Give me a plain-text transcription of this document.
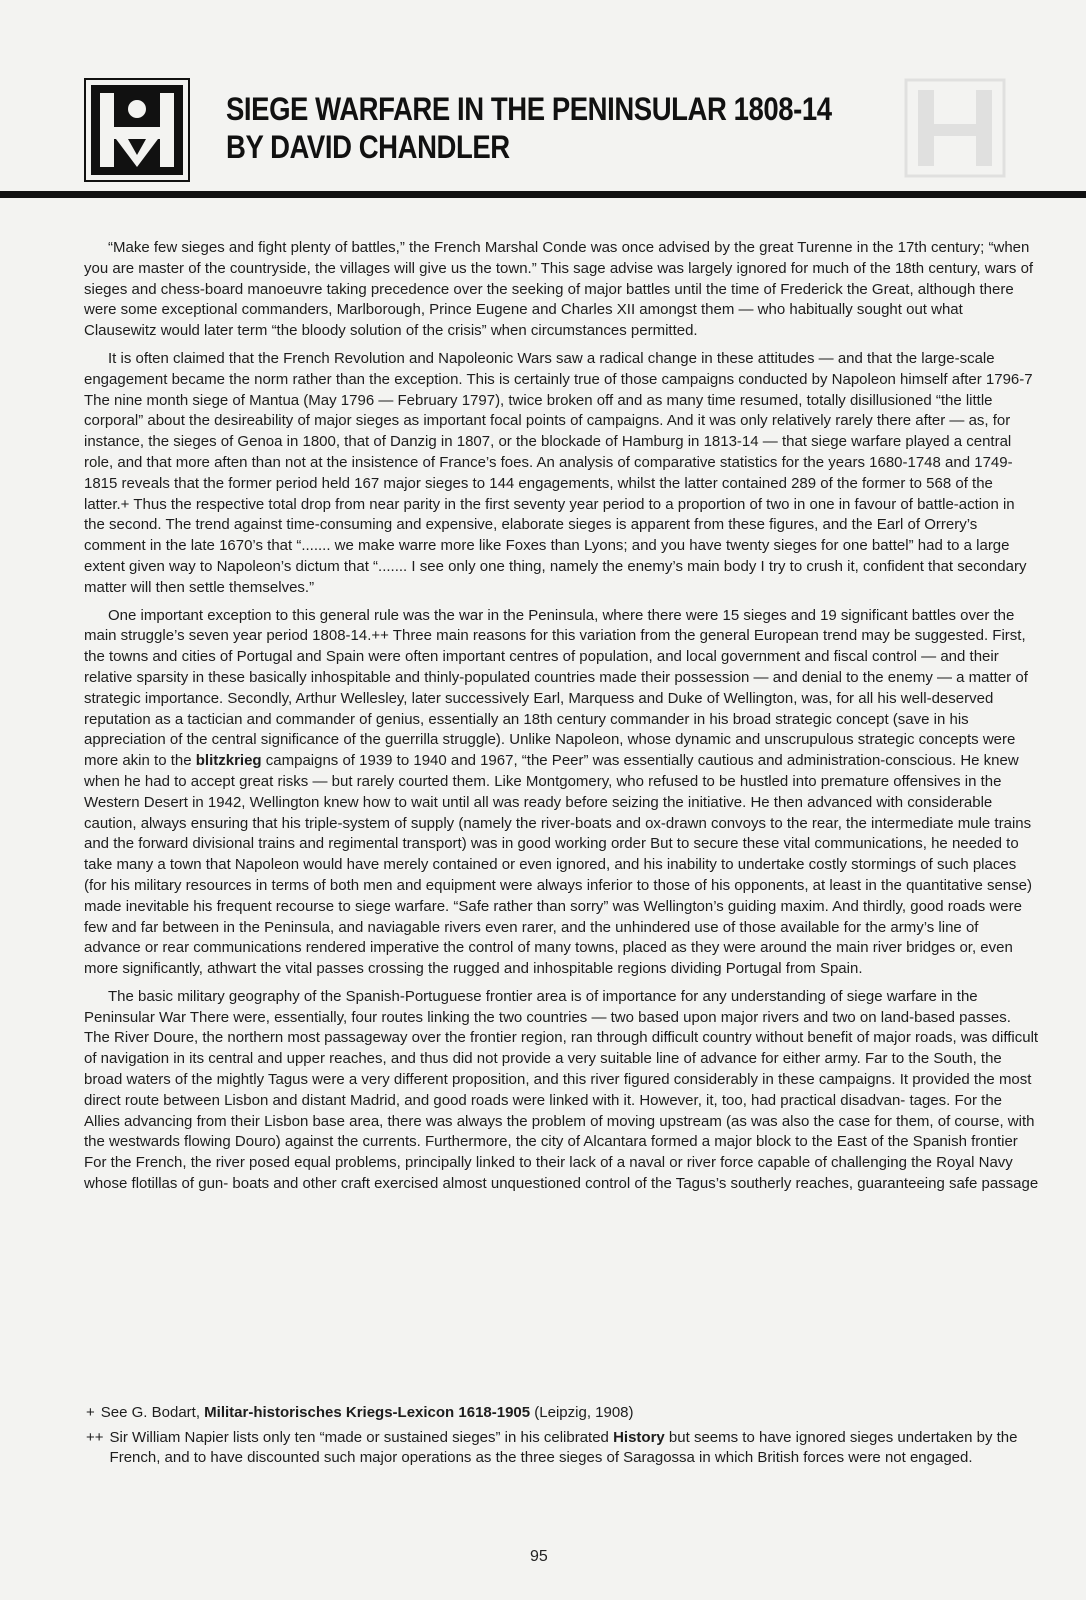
SIEGE WARFARE IN THE PENINSULAR 1808-14
BY DAVID CHANDLER

“Make few sieges and fight plenty of battles,” the French Marshal Conde was once advised by the great Turenne in the 17th century; “when you are master of the countryside, the villages will give us the town.” This sage advise was largely ignored for much of the 18th century, wars of sieges and chess-board manoeuvre taking precedence over the seeking of major battles until the time of Frederick the Great, although there were some exceptional commanders, Marlborough, Prince Eugene and Charles XII amongst them — who habitually sought out what Clausewitz would later term “the bloody solution of the crisis” when circumstances permitted.

It is often claimed that the French Revolution and Napoleonic Wars saw a radical change in these attitudes — and that the large-scale engagement became the norm rather than the exception. This is certainly true of those campaigns conducted by Napoleon himself after 1796-7 The nine month siege of Mantua (May 1796 — February 1797), twice broken off and as many time resumed, totally disillusioned “the little corporal” about the desireability of major sieges as important focal points of campaigns. And it was only relatively rarely there after — as, for instance, the sieges of Genoa in 1800, that of Danzig in 1807, or the blockade of Hamburg in 1813-14 — that siege warfare played a central role, and that more aften than not at the insistence of France’s foes. An analysis of comparative statistics for the years 1680-1748 and 1749-1815 reveals that the former period held 167 major sieges to 144 engagements, whilst the latter contained 289 of the former to 568 of the latter.+ Thus the respective total drop from near parity in the first seventy year period to a proportion of two in one in favour of battle-action in the second. The trend against time-consuming and expensive, elaborate sieges is apparent from these figures, and the Earl of Orrery’s comment in the late 1670’s that “....... we make warre more like Foxes than Lyons; and you have twenty sieges for one battel” had to a large extent given way to Napoleon’s dictum that “....... I see only one thing, namely the enemy’s main body I try to crush it, confident that secondary matter will then settle themselves.”

One important exception to this general rule was the war in the Peninsula, where there were 15 sieges and 19 significant battles over the main struggle’s seven year period 1808-14.++ Three main reasons for this variation from the general European trend may be suggested. First, the towns and cities of Portugal and Spain were often important centres of population, and local government and fiscal control — and their relative sparsity in these basically inhospitable and thinly-populated countries made their possession — and denial to the enemy — a matter of strategic importance. Secondly, Arthur Wellesley, later successively Earl, Marquess and Duke of Wellington, was, for all his well-deserved reputation as a tactician and commander of genius, essentially an 18th century commander in his broad strategic concept (save in his appreciation of the central significance of the guerrilla struggle). Unlike Napoleon, whose dynamic and unscrupulous strategic concepts were more akin to the blitzkrieg campaigns of 1939 to 1940 and 1967, “the Peer” was essentially cautious and administration-conscious. He knew when he had to accept great risks — but rarely courted them. Like Montgomery, who refused to be hustled into premature offensives in the Western Desert in 1942, Wellington knew how to wait until all was ready before seizing the initiative. He then advanced with considerable caution, always ensuring that his triple-system of supply (namely the river-boats and ox-drawn convoys to the rear, the intermediate mule trains and the forward divisional trains and regimental transport) was in good working order But to secure these vital communications, he needed to take many a town that Napoleon would have merely contained or even ignored, and his inability to undertake costly stormings of such places (for his military resources in terms of both men and equipment were always inferior to those of his opponents, at least in the quantitative sense) made inevitable his frequent recourse to siege warfare. “Safe rather than sorry” was Wellington’s guiding maxim. And thirdly, good roads were few and far between in the Peninsula, and naviagable rivers even rarer, and the unhindered use of those available for the army’s line of advance or rear communications rendered imperative the control of many towns, placed as they were around the main river bridges or, even more significantly, athwart the vital passes crossing the rugged and inhospitable regions dividing Portugal from Spain.

The basic military geography of the Spanish-Portuguese frontier area is of importance for any understanding of siege warfare in the Peninsular War There were, essentially, four routes linking the two countries — two based upon major rivers and two on land-based passes. The River Doure, the northern most passageway over the frontier region, ran through difficult country without benefit of major roads, was difficult of navigation in its central and upper reaches, and thus did not provide a very suitable line of advance for either army. Far to the South, the broad waters of the mightly Tagus were a very different proposition, and this river figured considerably in these campaigns. It provided the most direct route between Lisbon and distant Madrid, and good roads were linked with it. However, it, too, had practical disadvan- tages. For the Allies advancing from their Lisbon base area, there was always the problem of moving upstream (as was also the case for them, of course, with the westwards flowing Douro) against the currents. Furthermore, the city of Alcantara formed a major block to the East of the Spanish frontier For the French, the river posed equal problems, principally linked to their lack of a naval or river force capable of challenging the Royal Navy whose flotillas of gun- boats and other craft exercised almost unquestioned control of the Tagus’s southerly reaches, guaranteeing safe passage

+ See G. Bodart, Militar-historisches Kriegs-Lexicon 1618-1905 (Leipzig, 1908)
++ Sir William Napier lists only ten “made or sustained sieges” in his celibrated History but seems to have ignored sieges undertaken by the French, and to have discounted such major operations as the three sieges of Saragossa in which British forces were not engaged.
95
